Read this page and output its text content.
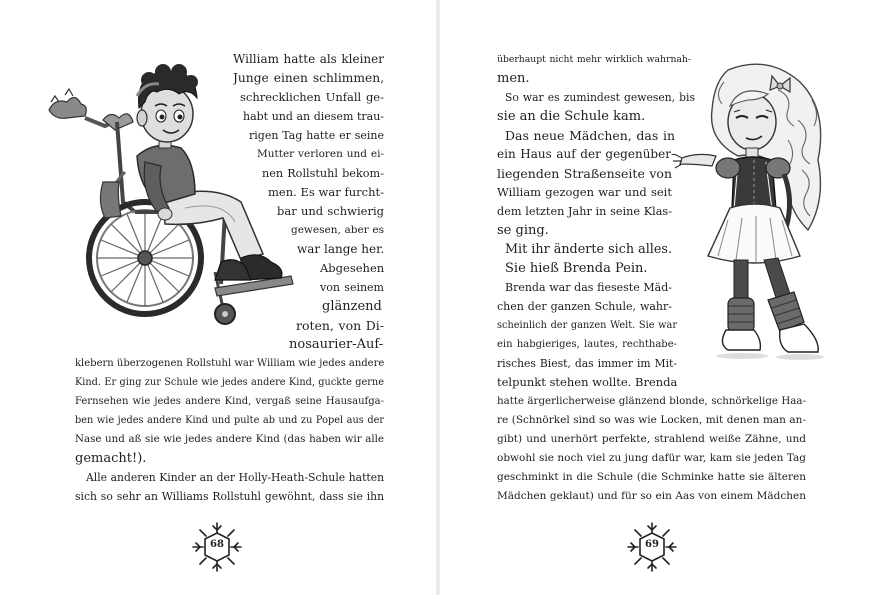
William hatte als kleiner
Junge einen schlimmen,
schrecklichen Unfall ge-
habt und an diesem trau-
rigen Tag hatte er seine
Mutter verloren und ei-
nen Rollstuhl bekom-
men. Es war furcht-
bar und schwierig
gewesen, aber es
war lange her.
Abgesehen
von seinem
glänzend
roten, von Di-
nosaurier-Auf-
klebern überzogenen Rollstuhl war William wie jedes andere
Kind. Er ging zur Schule wie jedes andere Kind, guckte gerne
Fernsehen wie jedes andere Kind, vergaß seine Hausaufga-
ben wie jedes andere Kind und pulte ab und zu Popel aus der
Nase und aß sie wie jedes andere Kind (das haben wir alle
gemacht!).
Alle anderen Kinder an der Holly-Heath-Schule hatten
sich so sehr an Williams Rollstuhl gewöhnt, dass sie ihn
68
überhaupt nicht mehr wirklich wahrnah-
men.
So war es zumindest gewesen, bis
sie an die Schule kam.
Das neue Mädchen, das in
ein Haus auf der gegenüber-
liegenden Straßenseite von
William gezogen war und seit
dem letzten Jahr in seine Klas-
se ging.
Mit ihr änderte sich alles.
Sie hieß Brenda Pein.
Brenda war das fieseste Mäd-
chen der ganzen Schule, wahr-
scheinlich der ganzen Welt. Sie war
ein habgieriges, lautes, rechthabe-
risches Biest, das immer im Mit-
telpunkt stehen wollte. Brenda
hatte ärgerlicherweise glänzend blonde, schnörkelige Haa-
re (Schnörkel sind so was wie Locken, mit denen man an-
gibt) und unerhört perfekte, strahlend weiße Zähne, und
obwohl sie noch viel zu jung dafür war, kam sie jeden Tag
geschminkt in die Schule (die Schminke hatte sie älteren
Mädchen geklaut) und für so ein Aas von einem Mädchen
69
